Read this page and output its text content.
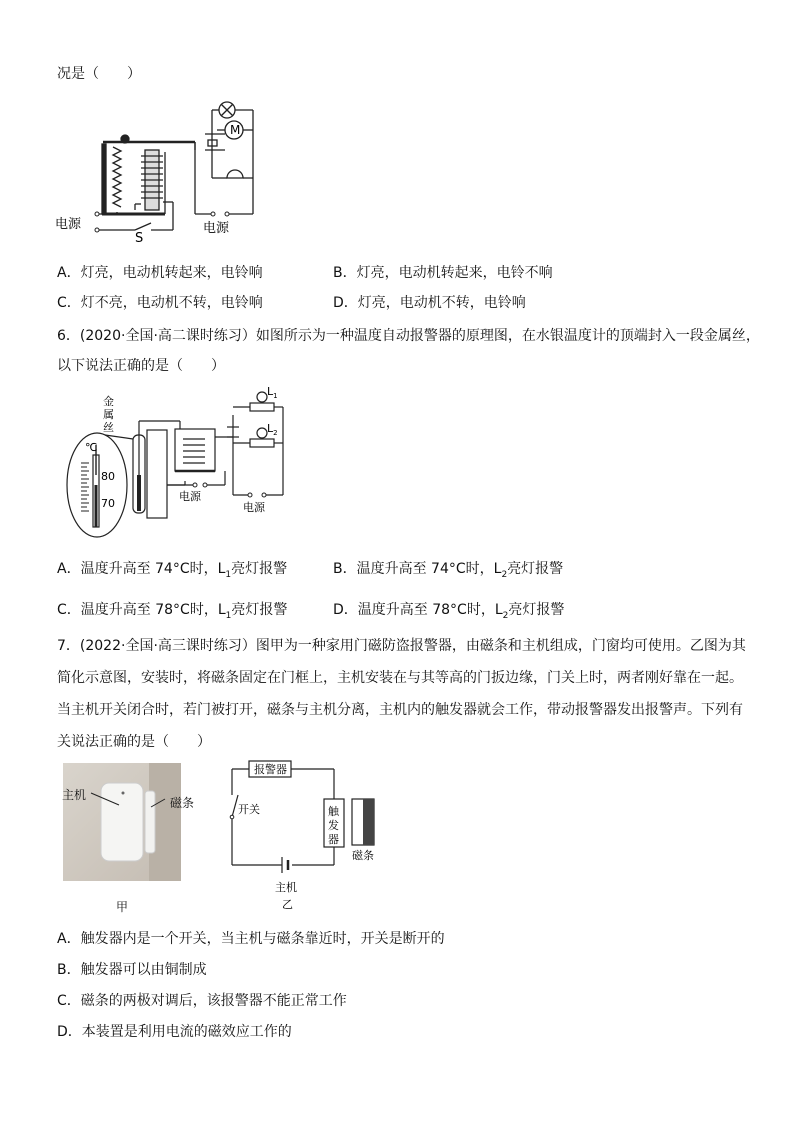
况是（　　）
M
电源
S
电源
A．灯亮，电动机转起来，电铃响	B．灯亮，电动机转起来，电铃不响
C．灯不亮，电动机不转，电铃响	D．灯亮，电动机不转，电铃响
6．(2020·全国·高二课时练习）如图所示为一种温度自动报警器的原理图，在水银温度计的顶端封入一段金属丝，
以下说法正确的是（　　）
金
属
丝
℃
80
70
电源
电源
$L_1$
$L_2$
A．温度升高至 74°C时，$L_1$亮灯报警	B．温度升高至 74°C时，$L_2$亮灯报警
C．温度升高至 78°C时，$L_1$亮灯报警	D．温度升高至 78°C时，$L_2$亮灯报警
7．(2022·全国·高三课时练习）图甲为一种家用门磁防盗报警器，由磁条和主机组成，门窗均可使用。乙图为其
简化示意图，安装时，将磁条固定在门框上，主机安装在与其等高的门扳边缘，门关上时，两者刚好靠在一起。
当主机开关闭合时，若门被打开，磁条与主机分离，主机内的触发器就会工作，带动报警器发出报警声。下列有
关说法正确的是（　　）
主机
磁条
甲
报警器
开关	触
发
器
磁条
主机
乙
A．触发器内是一个开关，当主机与磁条靠近时，开关是断开的
B．触发器可以由铜制成
C．磁条的两极对调后，该报警器不能正常工作
D．本装置是利用电流的磁效应工作的
